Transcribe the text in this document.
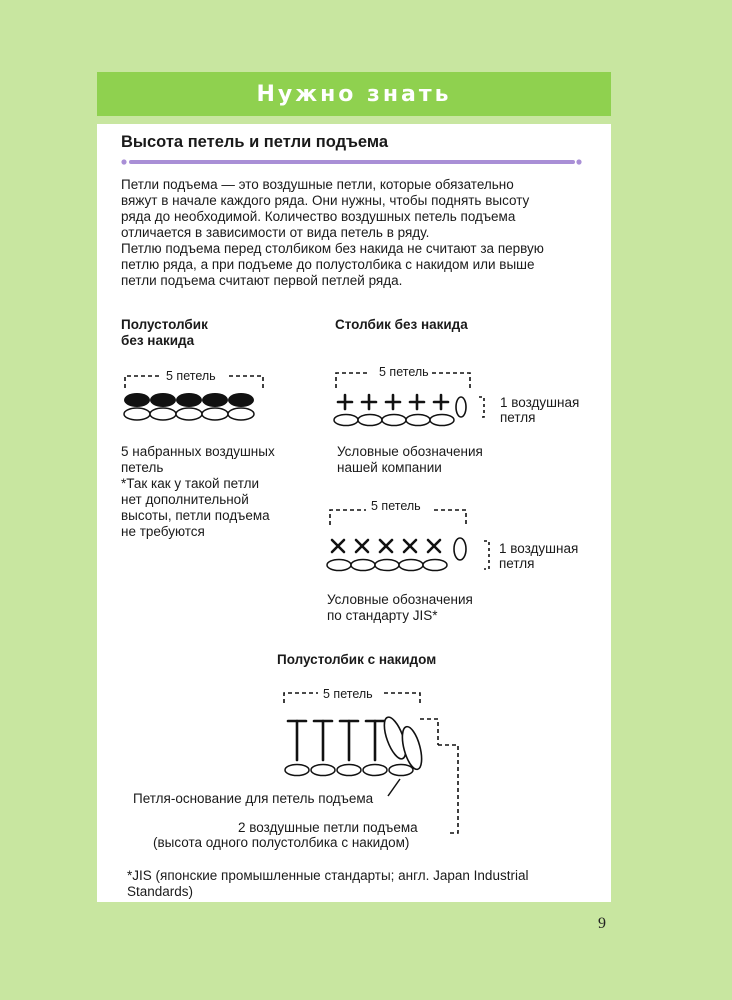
Нужно знать
Высота петель и петли подъема
Петли подъема — это воздушные петли, которые обязательно
вяжут в начале каждого ряда. Они нужны, чтобы поднять высоту
ряда до необходимой. Количество воздушных петель подъема
отличается в зависимости от вида петель в ряду.
Петлю подъема перед столбиком без накида не считают за первую
петлю ряда, а при подъеме до полустолбика с накидом или выше
петли подъема считают первой петлей ряда.
Полустолбик
без накида
5 петель
5 набранных воздушных
петель
*Так как у такой петли
нет дополнительной
высоты, петли подъема
не требуются
Столбик без накида
5 петель
1 воздушная
петля
Условные обозначения
нашей компании
5 петель
1 воздушная
петля
Условные обозначения
по стандарту JIS*
Полустолбик с накидом
5 петель
Петля-основание для петель подъема
2 воздушные петли подъема
(высота одного полустолбика с накидом)
*JIS (японские промышленные стандарты; англ. Japan Industrial
Standards)
9
